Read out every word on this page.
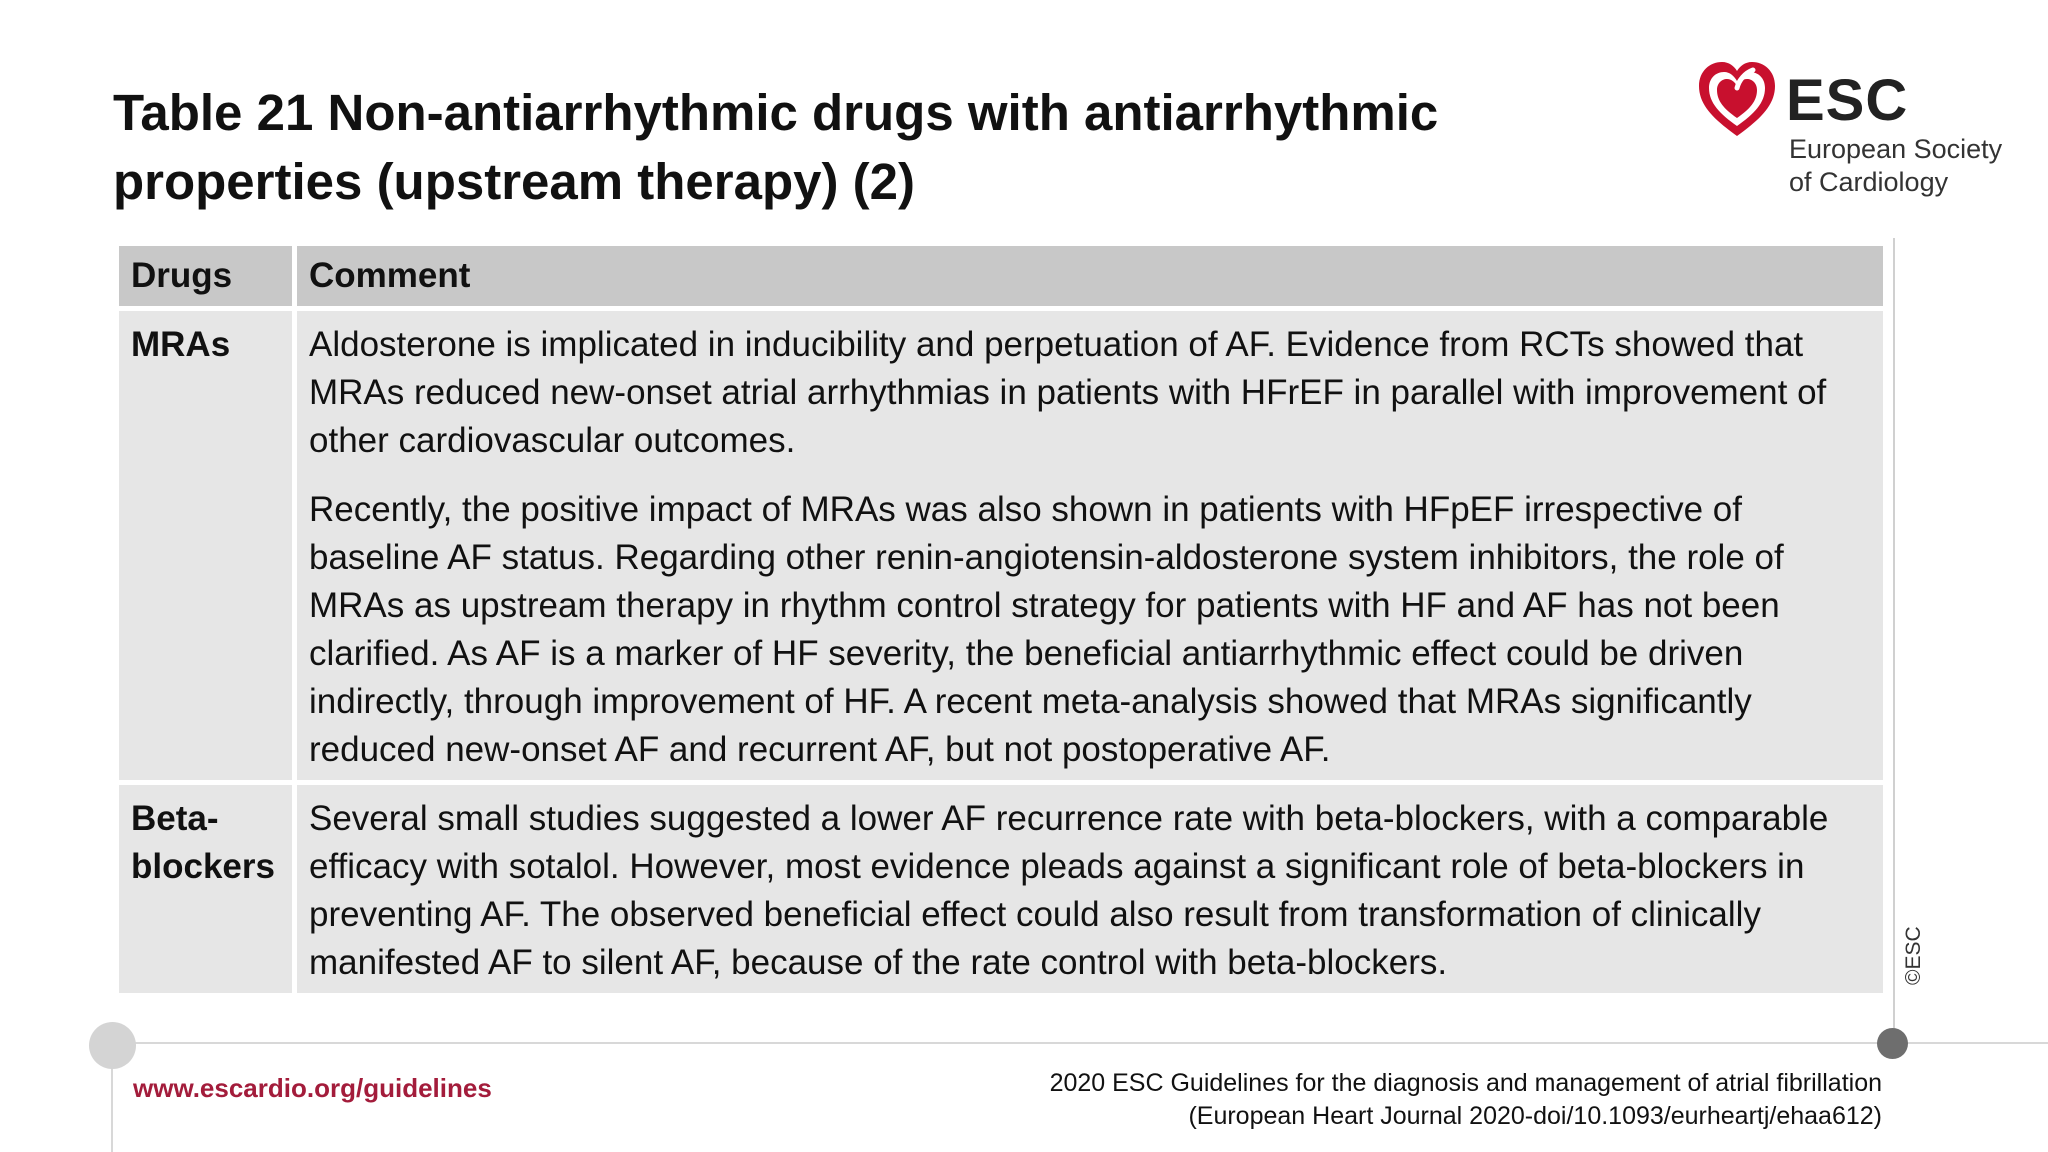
Table 21 Non-antiarrhythmic drugs with antiarrhythmic properties (upstream therapy) (2)
ESC
European Society
of Cardiology
Drugs	Comment
MRAs	Aldosterone is implicated in inducibility and perpetuation of AF. Evidence from RCTs showed that MRAs reduced new-onset atrial arrhythmias in patients with HFrEF in parallel with improvement of other cardiovascular outcomes.

Recently, the positive impact of MRAs was also shown in patients with HFpEF irrespective of baseline AF status. Regarding other renin-angiotensin-aldosterone system inhibitors, the role of MRAs as upstream therapy in rhythm control strategy for patients with HF and AF has not been clarified. As AF is a marker of HF severity, the beneficial antiarrhythmic effect could be driven indirectly, through improvement of HF. A recent meta-analysis showed that MRAs significantly reduced new-onset AF and recurrent AF, but not postoperative AF.

Beta-blockers	Several small studies suggested a lower AF recurrence rate with beta-blockers, with a comparable efficacy with sotalol. However, most evidence pleads against a significant role of beta-blockers in preventing AF. The observed beneficial effect could also result from transformation of clinically manifested AF to silent AF, because of the rate control with beta-blockers.	©ESC
www.escardio.org/guidelines	2020 ESC Guidelines for the diagnosis and management of atrial fibrillation
(European Heart Journal 2020-doi/10.1093/eurheartj/ehaa612)
